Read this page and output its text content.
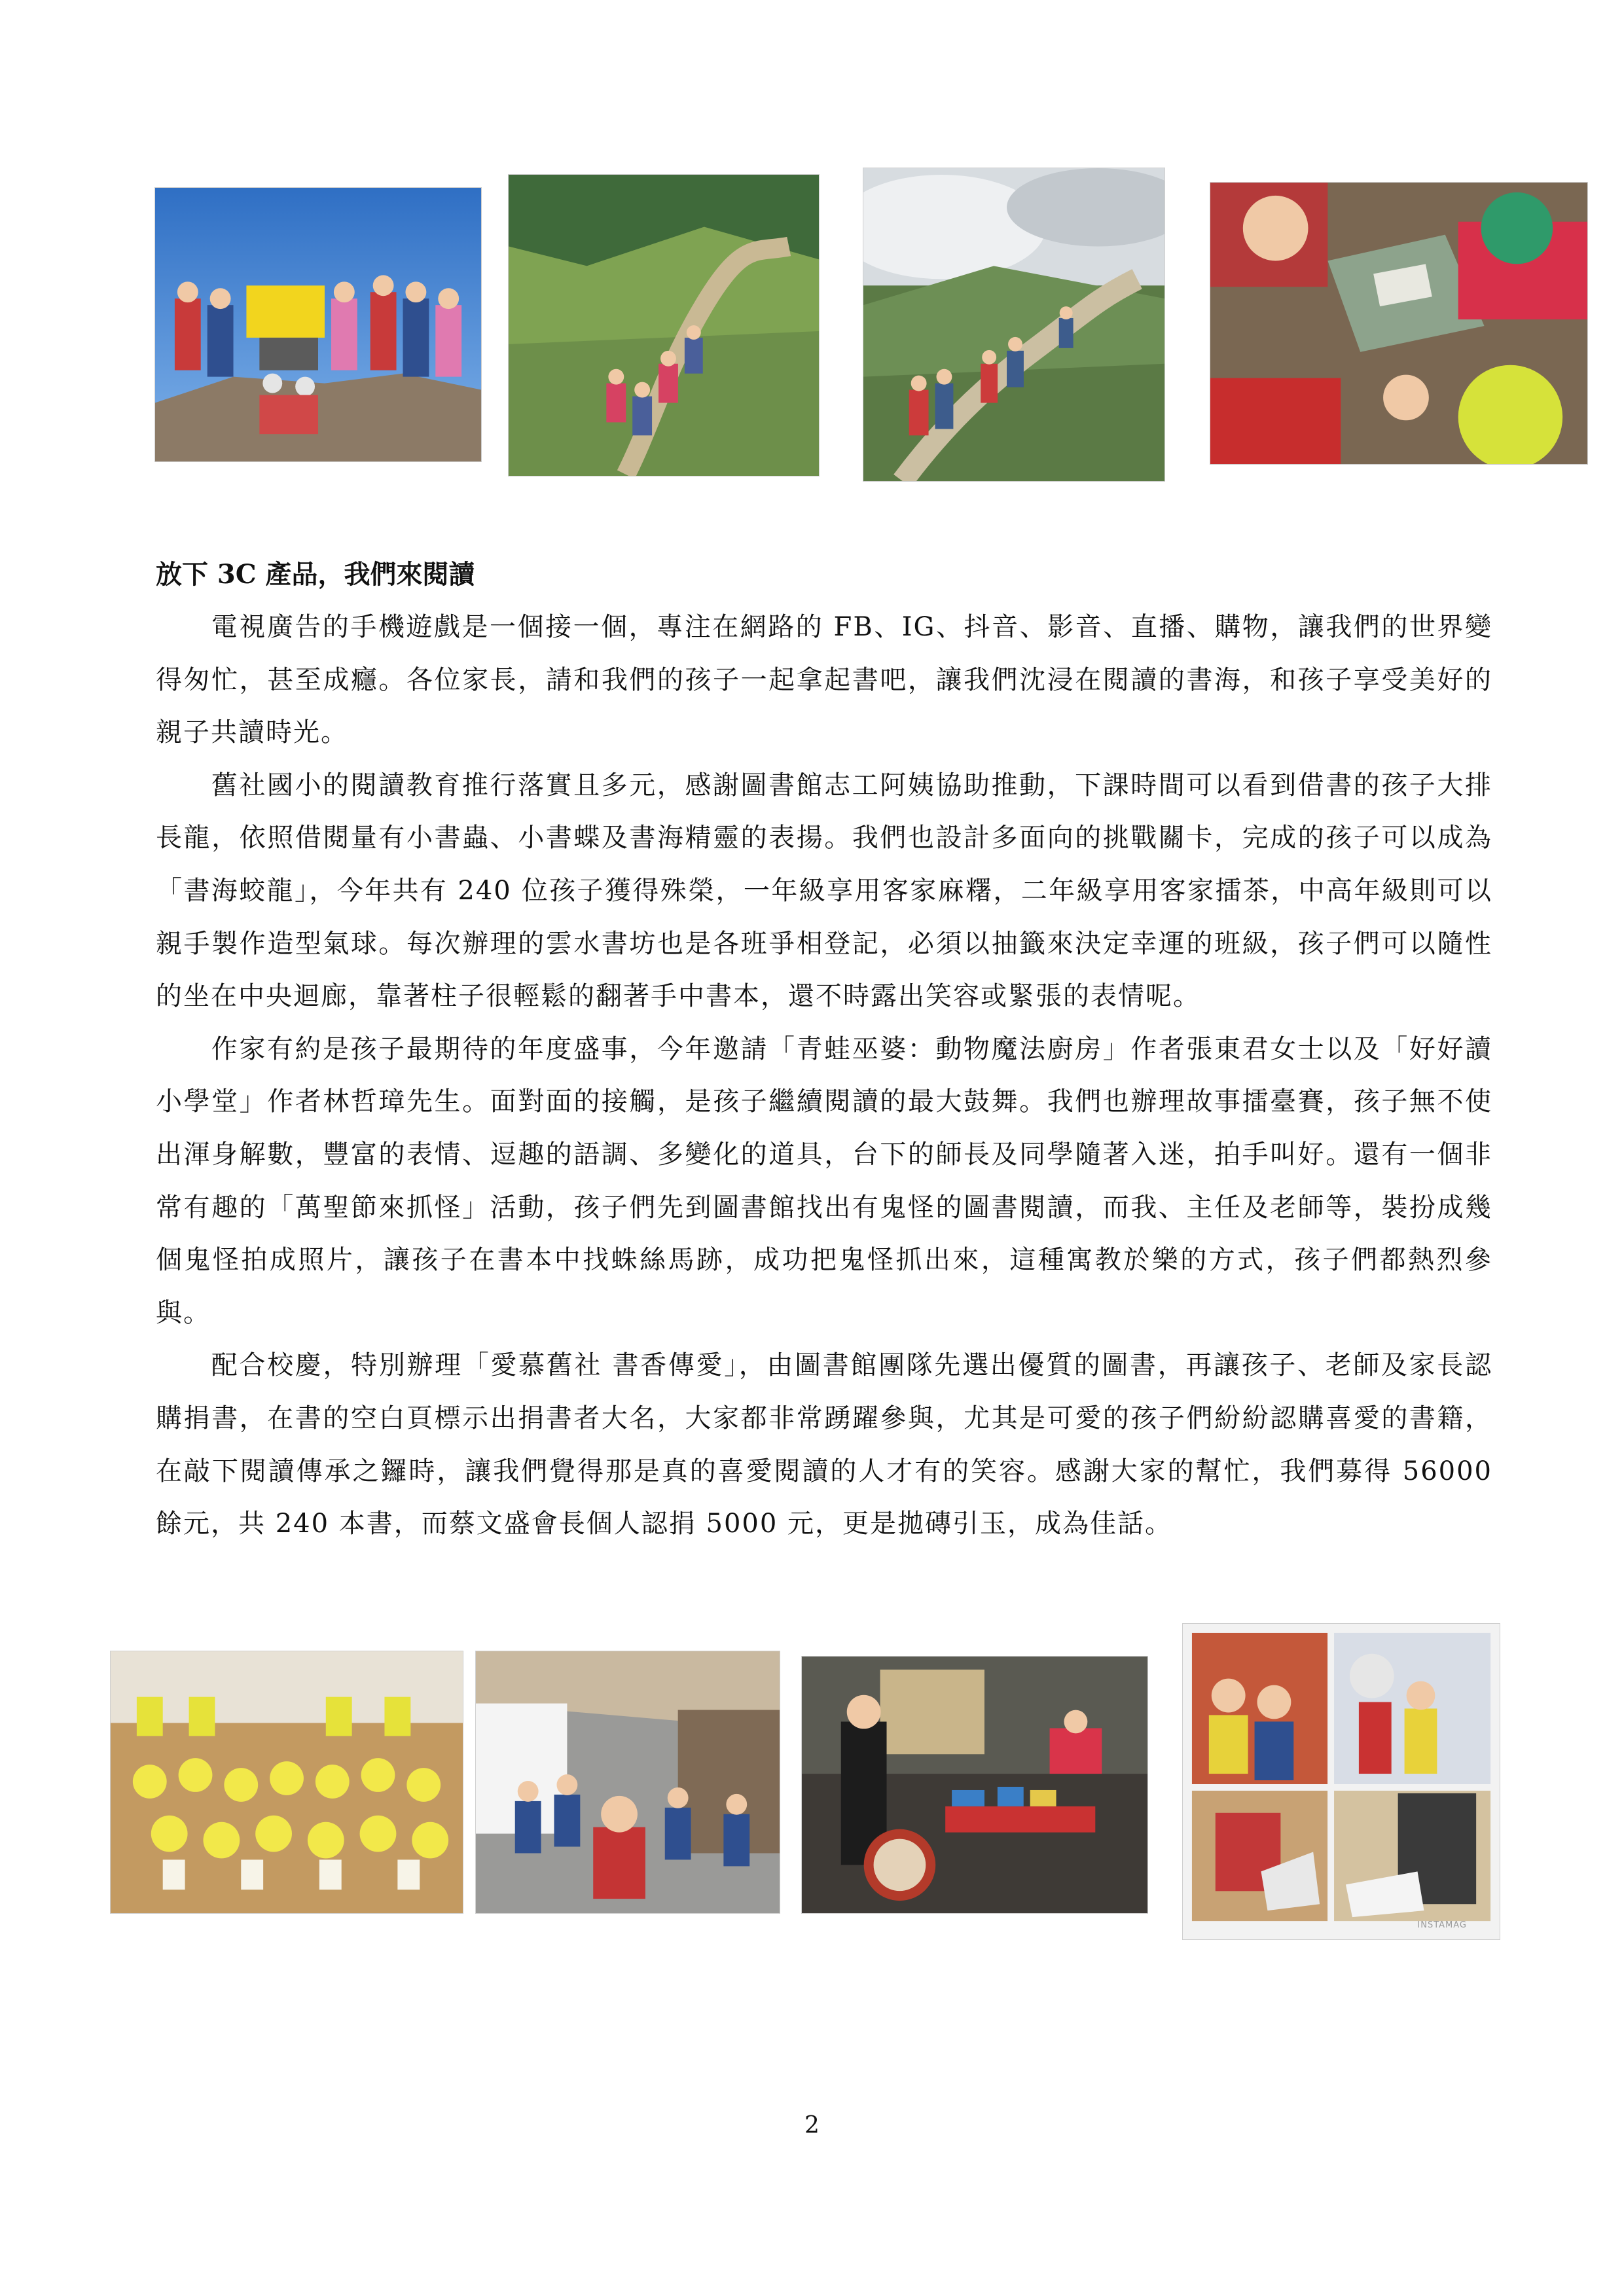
放下 3C 產品，我們來閱讀

電視廣告的手機遊戲是一個接一個，專注在網路的 FB、IG、抖音、影音、直播、購物，讓我們的世界變得匆忙，甚至成癮。各位家長，請和我們的孩子一起拿起書吧，讓我們沈浸在閱讀的書海，和孩子享受美好的親子共讀時光。

舊社國小的閱讀教育推行落實且多元，感謝圖書館志工阿姨協助推動，下課時間可以看到借書的孩子大排長龍，依照借閱量有小書蟲、小書蝶及書海精靈的表揚。我們也設計多面向的挑戰關卡，完成的孩子可以成為「書海蛟龍」，今年共有 240 位孩子獲得殊榮，一年級享用客家麻糬，二年級享用客家擂茶，中高年級則可以親手製作造型氣球。每次辦理的雲水書坊也是各班爭相登記，必須以抽籤來決定幸運的班級，孩子們可以隨性的坐在中央迴廊，靠著柱子很輕鬆的翻著手中書本，還不時露出笑容或緊張的表情呢。

作家有約是孩子最期待的年度盛事，今年邀請「青蛙巫婆：動物魔法廚房」作者張東君女士以及「好好讀小學堂」作者林哲璋先生。面對面的接觸，是孩子繼續閱讀的最大鼓舞。我們也辦理故事擂臺賽，孩子無不使出渾身解數，豐富的表情、逗趣的語調、多變化的道具，台下的師長及同學隨著入迷，拍手叫好。還有一個非常有趣的「萬聖節來抓怪」活動，孩子們先到圖書館找出有鬼怪的圖書閱讀，而我、主任及老師等，裝扮成幾個鬼怪拍成照片，讓孩子在書本中找蛛絲馬跡，成功把鬼怪抓出來，這種寓教於樂的方式，孩子們都熱烈參與。

配合校慶，特別辦理「愛慕舊社 書香傳愛」，由圖書館團隊先選出優質的圖書，再讓孩子、老師及家長認購捐書，在書的空白頁標示出捐書者大名，大家都非常踴躍參與，尤其是可愛的孩子們紛紛認購喜愛的書籍，在敲下閱讀傳承之鑼時，讓我們覺得那是真的喜愛閱讀的人才有的笑容。感謝大家的幫忙，我們募得 56000 餘元，共 240 本書，而蔡文盛會長個人認捐 5000 元，更是拋磚引玉，成為佳話。

INSTAMAG
2
